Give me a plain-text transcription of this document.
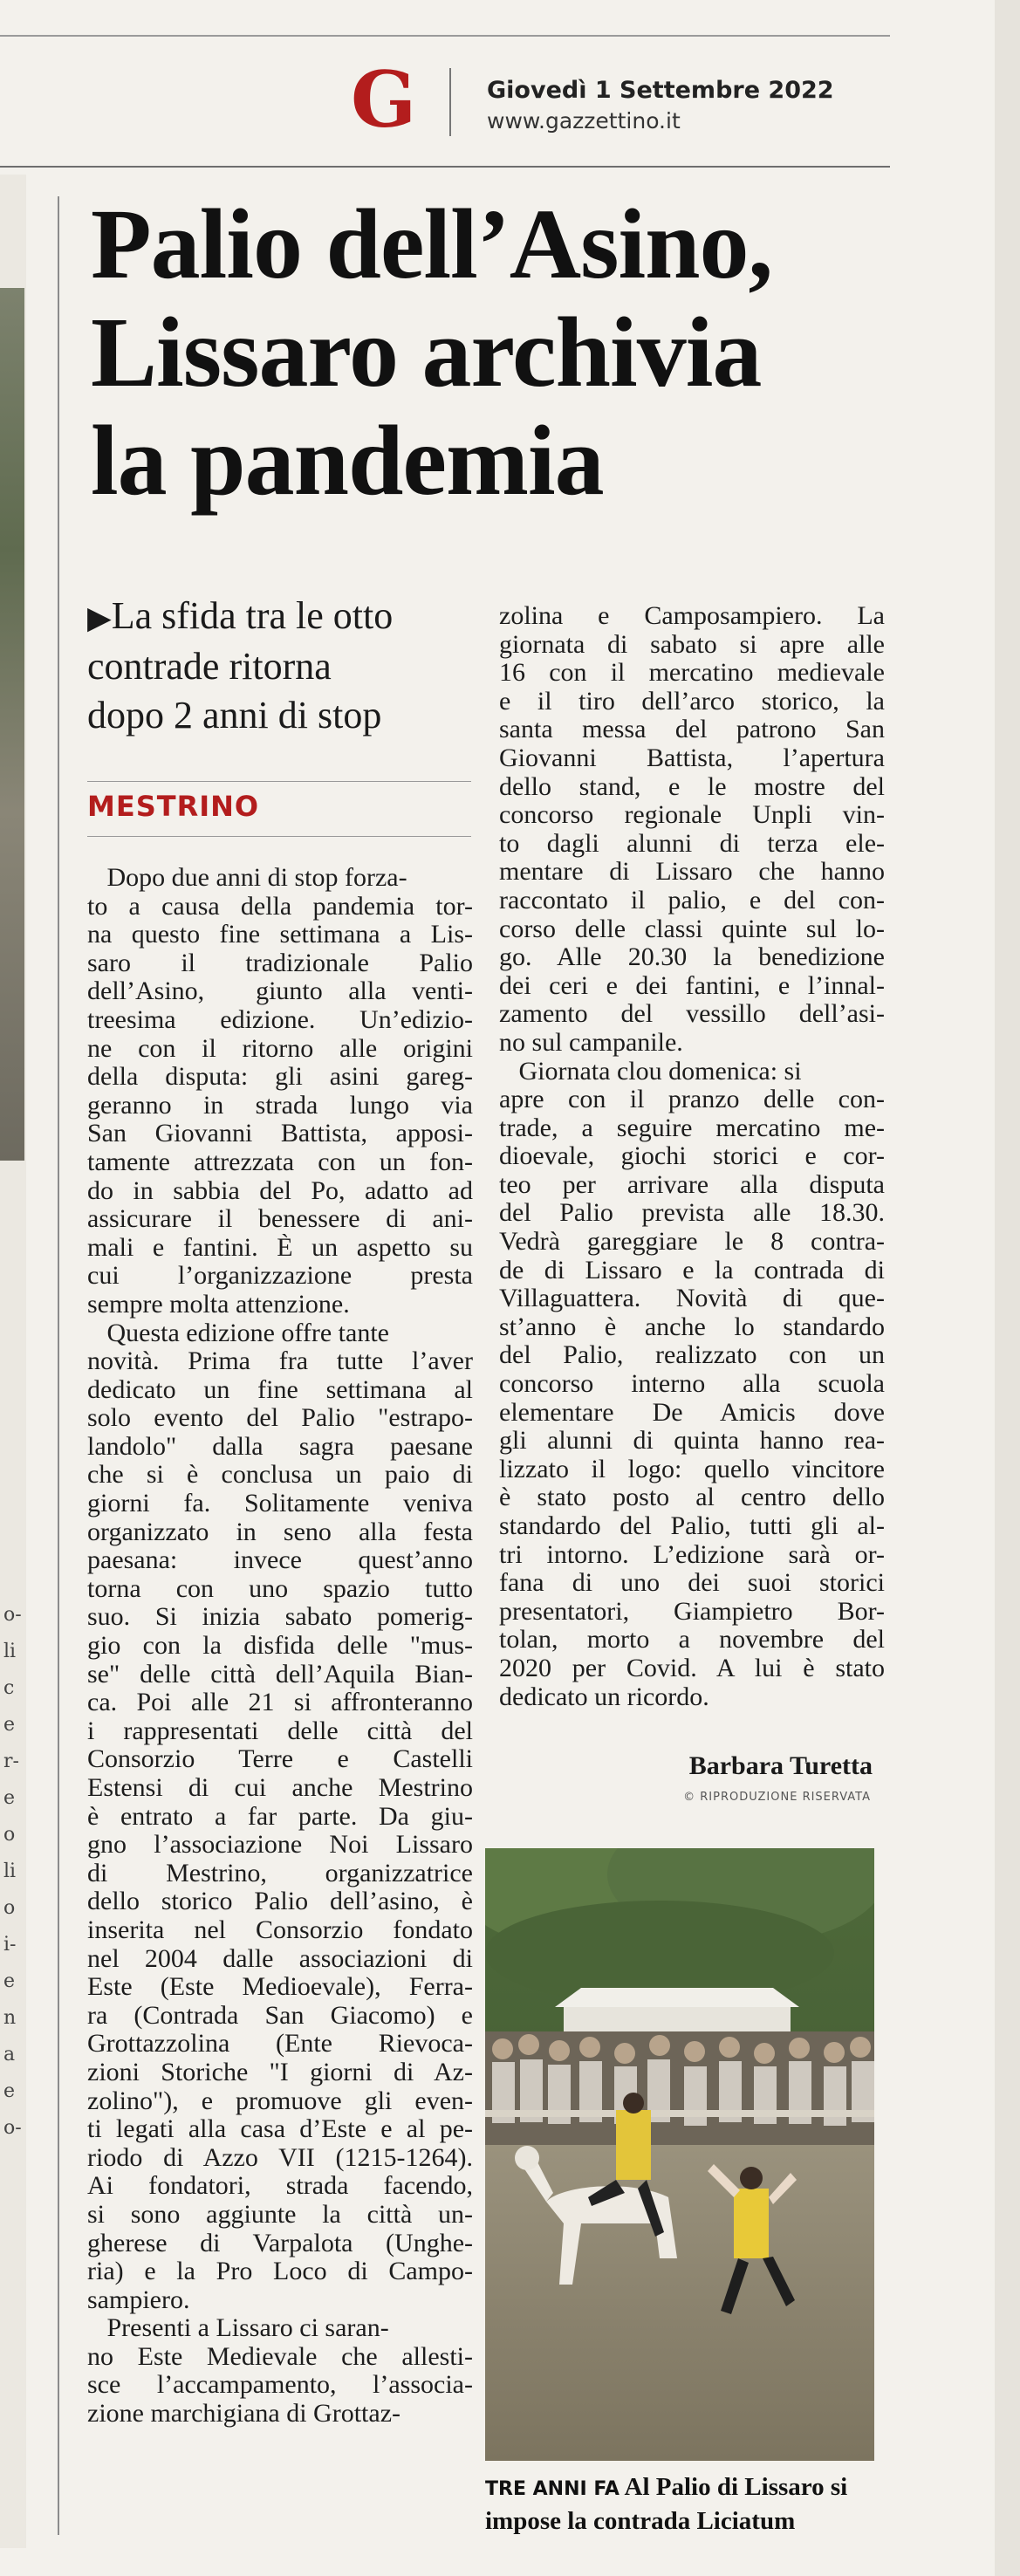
o-
li
c
e
r-
e
o
li
o
i-
e
n
a
e
o-
G	Giovedì 1 Settembre 2022
www.gazzettino.it
Palio dell’Asino,
Lissaro archivia
la pandemia
▶La sfida tra le otto
contrade ritorna
dopo 2 anni di stop
MESTRINO
Dopo due anni di stop forza-
to a causa della pandemia tor-
na questo fine settimana a Lis-
saro  il  tradizionale  Palio
dell’Asino,  giunto alla venti-
treesima  edizione.  Un’edizio-
ne con il ritorno alle origini
della disputa: gli asini gareg-
geranno in strada lungo via
San Giovanni Battista, apposi-
tamente attrezzata con un fon-
do in sabbia del Po, adatto ad
assicurare il benessere di ani-
mali e fantini. È un aspetto su
cui  l’organizzazione  presta
sempre molta attenzione.
Questa edizione offre tante
novità. Prima fra tutte l’aver
dedicato un fine settimana al
solo evento del Palio "estrapo-
landolo" dalla sagra paesane
che si è conclusa un paio di
giorni fa. Solitamente veniva
organizzato in seno alla festa
paesana:  invece  quest’anno
torna con uno spazio tutto
suo. Si inizia sabato pomerig-
gio con la disfida delle "mus-
se" delle città dell’Aquila Bian-
ca. Poi alle 21 si affronteranno
i rappresentati delle città del
Consorzio  Terre  e  Castelli
Estensi di cui anche Mestrino
è entrato a far parte. Da giu-
gno l’associazione Noi Lissaro
di  Mestrino,  organizzatrice
dello storico Palio dell’asino, è
inserita nel Consorzio fondato
nel 2004 dalle associazioni di
Este (Este Medioevale), Ferra-
ra (Contrada San Giacomo) e
Grottazzolina (Ente Rievoca-
zioni Storiche "I giorni di Az-
zolino"), e promuove gli even-
ti legati alla casa d’Este e al pe-
riodo di Azzo VII (1215-1264).
Ai fondatori, strada facendo,
si sono aggiunte la città un-
gherese di Varpalota (Unghe-
ria) e la Pro Loco di Campo-
sampiero.
Presenti a Lissaro ci saran-
no Este Medievale che allesti-
sce l’accampamento, l’associa-
zione marchigiana di Grottaz-
zolina e Camposampiero. La
giornata di sabato si apre alle
16 con il mercatino medievale
e il tiro dell’arco storico, la
santa messa del patrono San
Giovanni Battista, l’apertura
dello stand, e le mostre del
concorso regionale Unpli vin-
to dagli alunni di terza ele-
mentare di Lissaro che hanno
raccontato il palio, e del con-
corso delle classi quinte sul lo-
go. Alle 20.30 la benedizione
dei ceri e dei fantini, e l’innal-
zamento del vessillo dell’asi-
no sul campanile.
Giornata clou domenica: si
apre con il pranzo delle con-
trade, a seguire mercatino me-
dioevale, giochi storici e cor-
teo per arrivare alla disputa
del Palio prevista alle 18.30.
Vedrà gareggiare le 8 contra-
de di Lissaro e la contrada di
Villaguattera. Novità di que-
st’anno è anche lo standardo
del Palio, realizzato con un
concorso interno alla scuola
elementare De Amicis dove
gli alunni di quinta hanno rea-
lizzato il logo: quello vincitore
è stato posto al centro dello
standardo del Palio, tutti gli al-
tri intorno. L’edizione sarà or-
fana di uno dei suoi storici
presentatori, Giampietro Bor-
tolan, morto a novembre del
2020 per Covid. A lui è stato
dedicato un ricordo.
Barbara Turetta
© RIPRODUZIONE RISERVATA
TRE ANNI FA Al Palio di Lissaro si
impose la contrada Liciatum
